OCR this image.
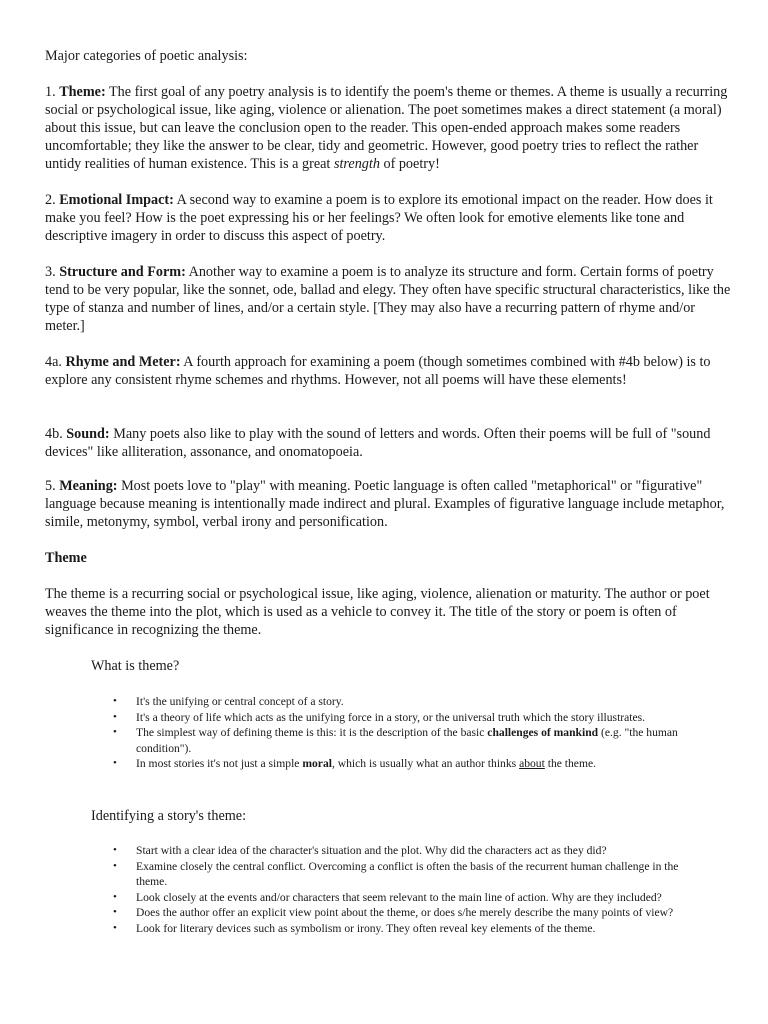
Major categories of poetic analysis:

1. Theme: The first goal of any poetry analysis is to identify the poem's theme or themes. A theme is usually a recurring social or psychological issue, like aging, violence or alienation. The poet sometimes makes a direct statement (a moral) about this issue, but can leave the conclusion open to the reader. This open-ended approach makes some readers uncomfortable; they like the answer to be clear, tidy and geometric. However, good poetry tries to reflect the rather untidy realities of human existence. This is a great strength of poetry!

2. Emotional Impact: A second way to examine a poem is to explore its emotional impact on the reader. How does it make you feel? How is the poet expressing his or her feelings? We often look for emotive elements like tone and descriptive imagery in order to discuss this aspect of poetry.

3. Structure and Form: Another way to examine a poem is to analyze its structure and form. Certain forms of poetry tend to be very popular, like the sonnet, ode, ballad and elegy. They often have specific structural characteristics, like the type of stanza and number of lines, and/or a certain style. [They may also have a recurring pattern of rhyme and/or meter.]

4a. Rhyme and Meter: A fourth approach for examining a poem (though sometimes combined with #4b below) is to explore any consistent rhyme schemes and rhythms. However, not all poems will have these elements!

4b. Sound: Many poets also like to play with the sound of letters and words. Often their poems will be full of "sound devices" like alliteration, assonance, and onomatopoeia.

5. Meaning: Most poets love to "play" with meaning. Poetic language is often called "metaphorical" or "figurative" language because meaning is intentionally made indirect and plural. Examples of figurative language include metaphor, simile, metonymy, symbol, verbal irony and personification.

Theme

The theme is a recurring social or psychological issue, like aging, violence, alienation or maturity. The author or poet weaves the theme into the plot, which is used as a vehicle to convey it. The title of the story or poem is often of significance in recognizing the theme.

What is theme?

• It's the unifying or central concept of a story.
• It's a theory of life which acts as the unifying force in a story, or the universal truth which the story illustrates.
• The simplest way of defining theme is this: it is the description of the basic challenges of mankind (e.g. "the human condition").
• In most stories it's not just a simple moral, which is usually what an author thinks about the theme.

Identifying a story's theme:

• Start with a clear idea of the character's situation and the plot. Why did the characters act as they did?
• Examine closely the central conflict. Overcoming a conflict is often the basis of the recurrent human challenge in the theme.
• Look closely at the events and/or characters that seem relevant to the main line of action. Why are they included?
• Does the author offer an explicit view point about the theme, or does s/he merely describe the many points of view?
• Look for literary devices such as symbolism or irony. They often reveal key elements of the theme.
